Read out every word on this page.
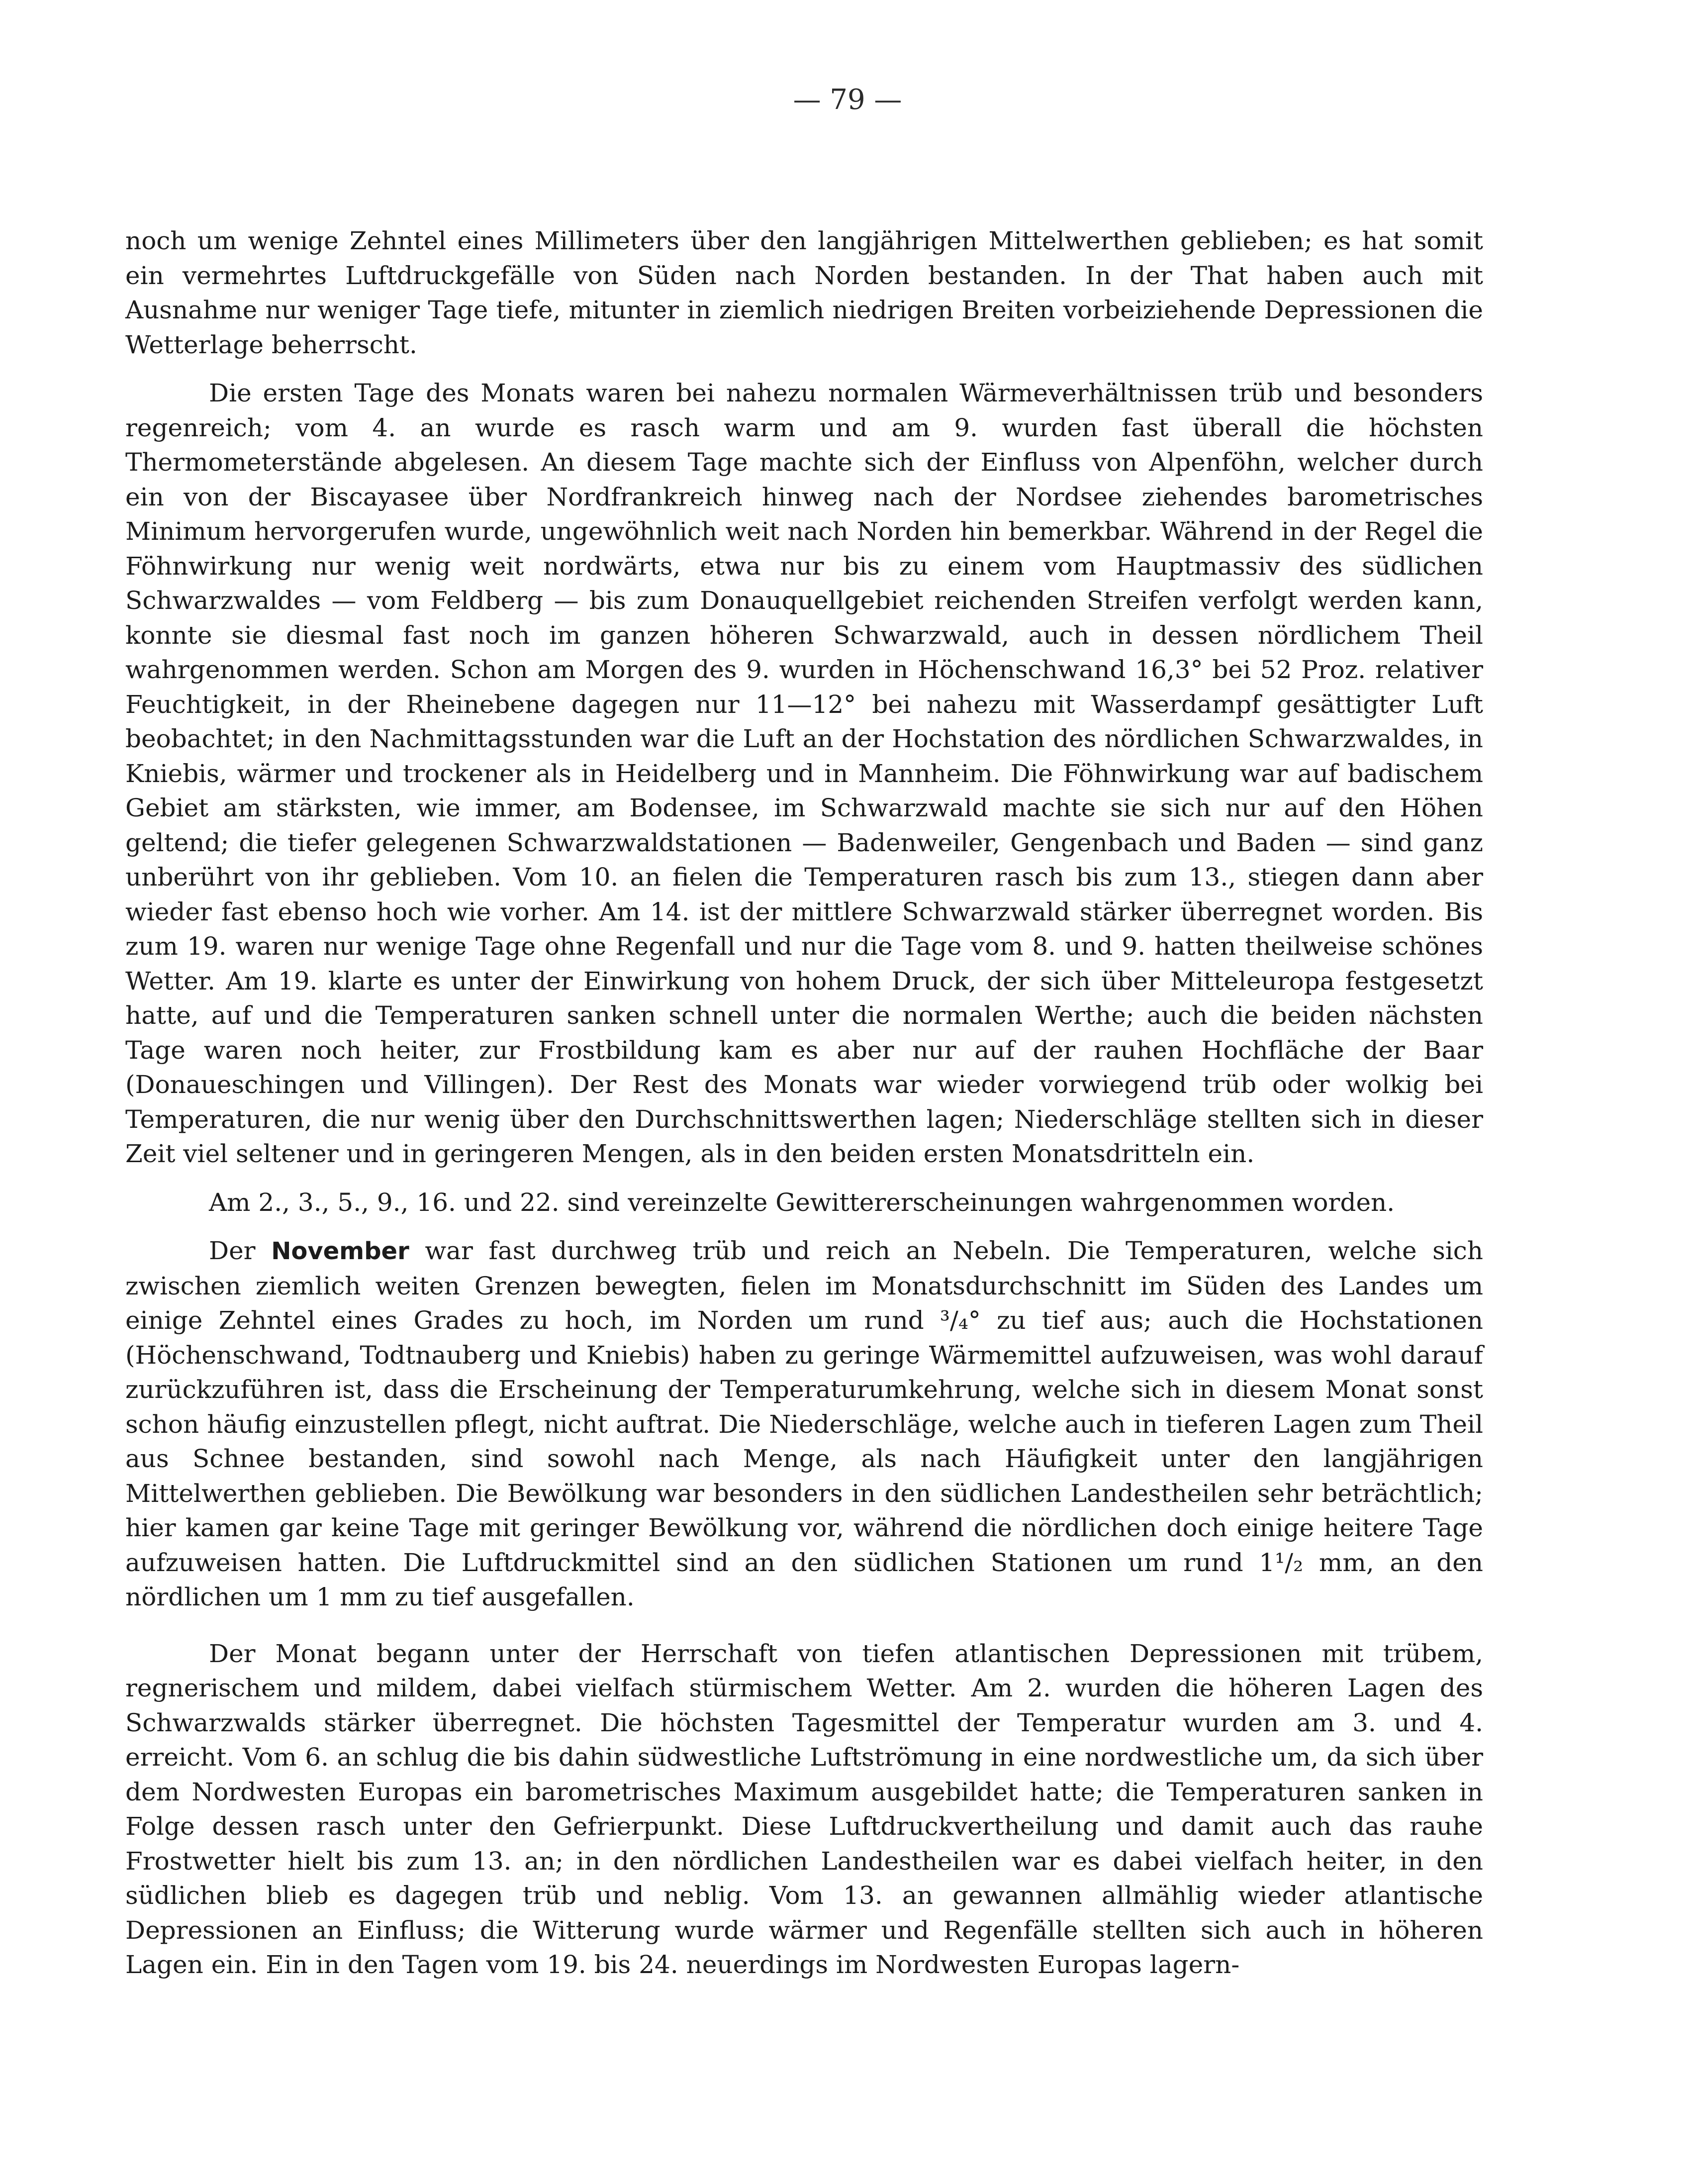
— 79 —

noch um wenige Zehntel eines Millimeters über den langjährigen Mittelwerthen geblieben; es hat somit ein vermehrtes Luftdruckgefälle von Süden nach Norden bestanden. In der That haben auch mit Ausnahme nur weniger Tage tiefe, mitunter in ziemlich niedrigen Breiten vorbeiziehende Depressionen die Wetterlage beherrscht.

Die ersten Tage des Monats waren bei nahezu normalen Wärmeverhältnissen trüb und besonders regenreich; vom 4. an wurde es rasch warm und am 9. wurden fast überall die höchsten Thermometerstände abgelesen. An diesem Tage machte sich der Einfluss von Alpenföhn, welcher durch ein von der Biscayasee über Nordfrankreich hinweg nach der Nordsee ziehendes barometrisches Minimum hervorgerufen wurde, ungewöhnlich weit nach Norden hin bemerkbar. Während in der Regel die Föhnwirkung nur wenig weit nordwärts, etwa nur bis zu einem vom Hauptmassiv des südlichen Schwarzwaldes — vom Feldberg — bis zum Donauquellgebiet reichenden Streifen verfolgt werden kann, konnte sie diesmal fast noch im ganzen höheren Schwarzwald, auch in dessen nördlichem Theil wahrgenommen werden. Schon am Morgen des 9. wurden in Höchenschwand 16,3° bei 52 Proz. relativer Feuchtigkeit, in der Rheinebene dagegen nur 11—12° bei nahezu mit Wasserdampf gesättigter Luft beobachtet; in den Nachmittagsstunden war die Luft an der Hochstation des nördlichen Schwarzwaldes, in Kniebis, wärmer und trockener als in Heidelberg und in Mannheim. Die Föhnwirkung war auf badischem Gebiet am stärksten, wie immer, am Bodensee, im Schwarzwald machte sie sich nur auf den Höhen geltend; die tiefer gelegenen Schwarzwaldstationen — Badenweiler, Gengenbach und Baden — sind ganz unberührt von ihr geblieben. Vom 10. an fielen die Temperaturen rasch bis zum 13., stiegen dann aber wieder fast ebenso hoch wie vorher. Am 14. ist der mittlere Schwarzwald stärker überregnet worden. Bis zum 19. waren nur wenige Tage ohne Regenfall und nur die Tage vom 8. und 9. hatten theilweise schönes Wetter. Am 19. klarte es unter der Einwirkung von hohem Druck, der sich über Mitteleuropa festgesetzt hatte, auf und die Temperaturen sanken schnell unter die normalen Werthe; auch die beiden nächsten Tage waren noch heiter, zur Frostbildung kam es aber nur auf der rauhen Hochfläche der Baar (Donaueschingen und Villingen). Der Rest des Monats war wieder vorwiegend trüb oder wolkig bei Temperaturen, die nur wenig über den Durchschnittswerthen lagen; Niederschläge stellten sich in dieser Zeit viel seltener und in geringeren Mengen, als in den beiden ersten Monatsdritteln ein.

Am 2., 3., 5., 9., 16. und 22. sind vereinzelte Gewittererscheinungen wahrgenommen worden.

Der November war fast durchweg trüb und reich an Nebeln. Die Temperaturen, welche sich zwischen ziemlich weiten Grenzen bewegten, fielen im Monatsdurchschnitt im Süden des Landes um einige Zehntel eines Grades zu hoch, im Norden um rund ³/₄° zu tief aus; auch die Hochstationen (Höchenschwand, Todtnauberg und Kniebis) haben zu geringe Wärmemittel aufzuweisen, was wohl darauf zurückzuführen ist, dass die Erscheinung der Temperaturumkehrung, welche sich in diesem Monat sonst schon häufig einzustellen pflegt, nicht auftrat. Die Niederschläge, welche auch in tieferen Lagen zum Theil aus Schnee bestanden, sind sowohl nach Menge, als nach Häufigkeit unter den langjährigen Mittelwerthen geblieben. Die Bewölkung war besonders in den südlichen Landestheilen sehr beträchtlich; hier kamen gar keine Tage mit geringer Bewölkung vor, während die nördlichen doch einige heitere Tage aufzuweisen hatten. Die Luftdruckmittel sind an den südlichen Stationen um rund 1¹/₂ mm, an den nördlichen um 1 mm zu tief ausgefallen.

Der Monat begann unter der Herrschaft von tiefen atlantischen Depressionen mit trübem, regnerischem und mildem, dabei vielfach stürmischem Wetter. Am 2. wurden die höheren Lagen des Schwarzwalds stärker überregnet. Die höchsten Tagesmittel der Temperatur wurden am 3. und 4. erreicht. Vom 6. an schlug die bis dahin südwestliche Luftströmung in eine nordwestliche um, da sich über dem Nordwesten Europas ein barometrisches Maximum ausgebildet hatte; die Temperaturen sanken in Folge dessen rasch unter den Gefrierpunkt. Diese Luftdruckvertheilung und damit auch das rauhe Frostwetter hielt bis zum 13. an; in den nördlichen Landestheilen war es dabei vielfach heiter, in den südlichen blieb es dagegen trüb und neblig. Vom 13. an gewannen allmählig wieder atlantische Depressionen an Einfluss; die Witterung wurde wärmer und Regenfälle stellten sich auch in höheren Lagen ein. Ein in den Tagen vom 19. bis 24. neuerdings im Nordwesten Europas lagern-
